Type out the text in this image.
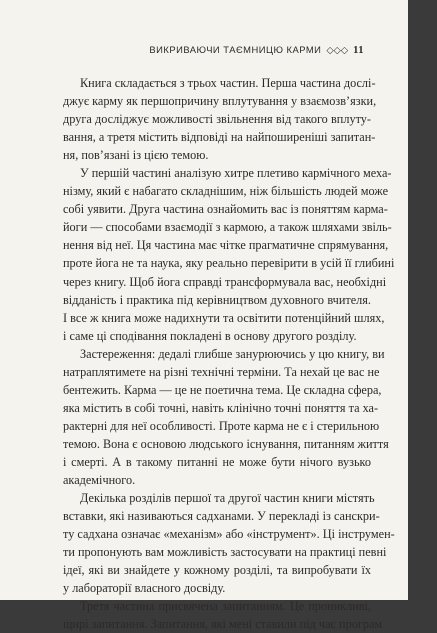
ВИКРИВАЮЧИ ТАЄМНИЦЮ КАРМИ ◇◇◇ 11

Книга складається з трьох частин. Перша частина дослі-
джує карму як першопричину вплутування у взаємозв’язки,
друга досліджує можливості звільнення від такого вплуту-
вання, а третя містить відповіді на найпоширеніші запитан-
ня, пов’язані із цією темою.

У першій частині аналізую хитре плетиво кармічного меха-
нізму, який є набагато складнішим, ніж більшість людей може
собі уявити. Друга частина ознайомить вас із поняттям карма-
йоги — способами взаємодії з кармою, а також шляхами звіль-
нення від неї. Ця частина має чітке прагматичне спрямування,
проте йога не та наука, яку реально перевірити в усій її глибині
через книгу. Щоб йога справді трансформувала вас, необхідні
відданість і практика під керівництвом духовного вчителя.
І все ж книга може надихнути та освітити потенційний шлях,
і саме ці сподівання покладені в основу другого розділу.

Застереження: дедалі глибше занурюючись у цю книгу, ви
натраплятимете на різні технічні терміни. Та нехай це вас не
бентежить. Карма — це не поетична тема. Це складна сфера,
яка містить в собі точні, навіть клінічно точні поняття та ха-
рактерні для неї особливості. Проте карма не є і стерильною
темою. Вона є основою людського існування, питанням життя
і смерті. А в такому питанні не може бути нічого вузько
академічного.

Декілька розділів першої та другої частин книги містять
вставки, які називаються садханами. У перекладі із санскри-
ту садхана означає «механізм» або «інструмент». Ці інструмен-
ти пропонують вам можливість застосувати на практиці певні
ідеї, які ви знайдете у кожному розділі, та випробувати їх
у лабораторії власного досвіду.

Третя частина присвячена запитанням. Це проникливі,
щирі запитання. Запитання, які мені ставили під час програм
